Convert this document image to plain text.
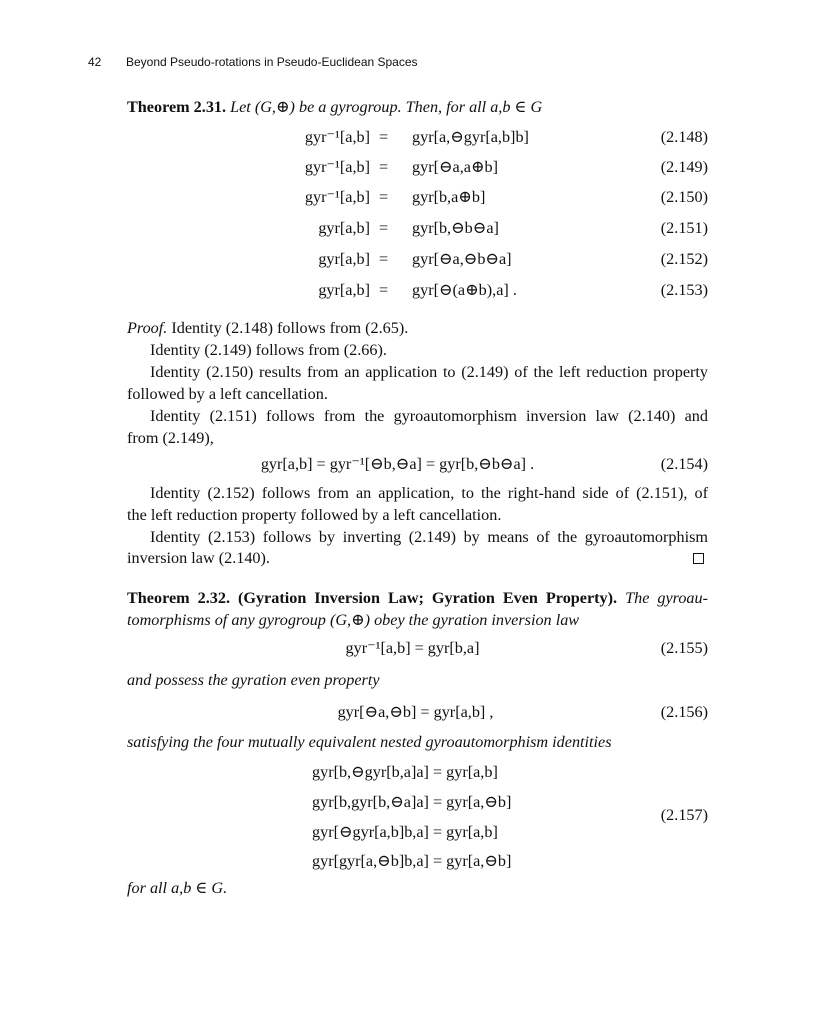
42 Beyond Pseudo-rotations in Pseudo-Euclidean Spaces
Theorem 2.31. Let (G,⊕) be a gyrogroup. Then, for all a,b ∈ G
gyr⁻¹[a,b] = gyr[a,⊖gyr[a,b]b]	(2.148)
gyr⁻¹[a,b] = gyr[⊖a,a⊕b]	(2.149)
gyr⁻¹[a,b] = gyr[b,a⊕b]	(2.150)
gyr[a,b] = gyr[b,⊖b⊖a]	(2.151)
gyr[a,b] = gyr[⊖a,⊖b⊖a]	(2.152)
gyr[a,b] = gyr[⊖(a⊕b),a] .	(2.153)
Proof. Identity (2.148) follows from (2.65).
Identity (2.149) follows from (2.66).
Identity (2.150) results from an application to (2.149) of the left reduction property
followed by a left cancellation.
Identity (2.151) follows from the gyroautomorphism inversion law (2.140) and
from (2.149),
gyr[a,b] = gyr⁻¹[⊖b,⊖a] = gyr[b,⊖b⊖a] .	(2.154)
Identity (2.152) follows from an application, to the right-hand side of (2.151), of
the left reduction property followed by a left cancellation.
Identity (2.153) follows by inverting (2.149) by means of the gyroautomorphism
inversion law (2.140).
Theorem 2.32. (Gyration Inversion Law; Gyration Even Property). The gyroau-
tomorphisms of any gyrogroup (G,⊕) obey the gyration inversion law
gyr⁻¹[a,b] = gyr[b,a]	(2.155)
and possess the gyration even property
gyr[⊖a,⊖b] = gyr[a,b] ,	(2.156)
satisfying the four mutually equivalent nested gyroautomorphism identities
gyr[b,⊖gyr[b,a]a] = gyr[a,b]
gyr[b,gyr[b,⊖a]a] = gyr[a,⊖b]
(2.157)
gyr[⊖gyr[a,b]b,a] = gyr[a,b]
gyr[gyr[a,⊖b]b,a] = gyr[a,⊖b]
for all a,b ∈ G.
